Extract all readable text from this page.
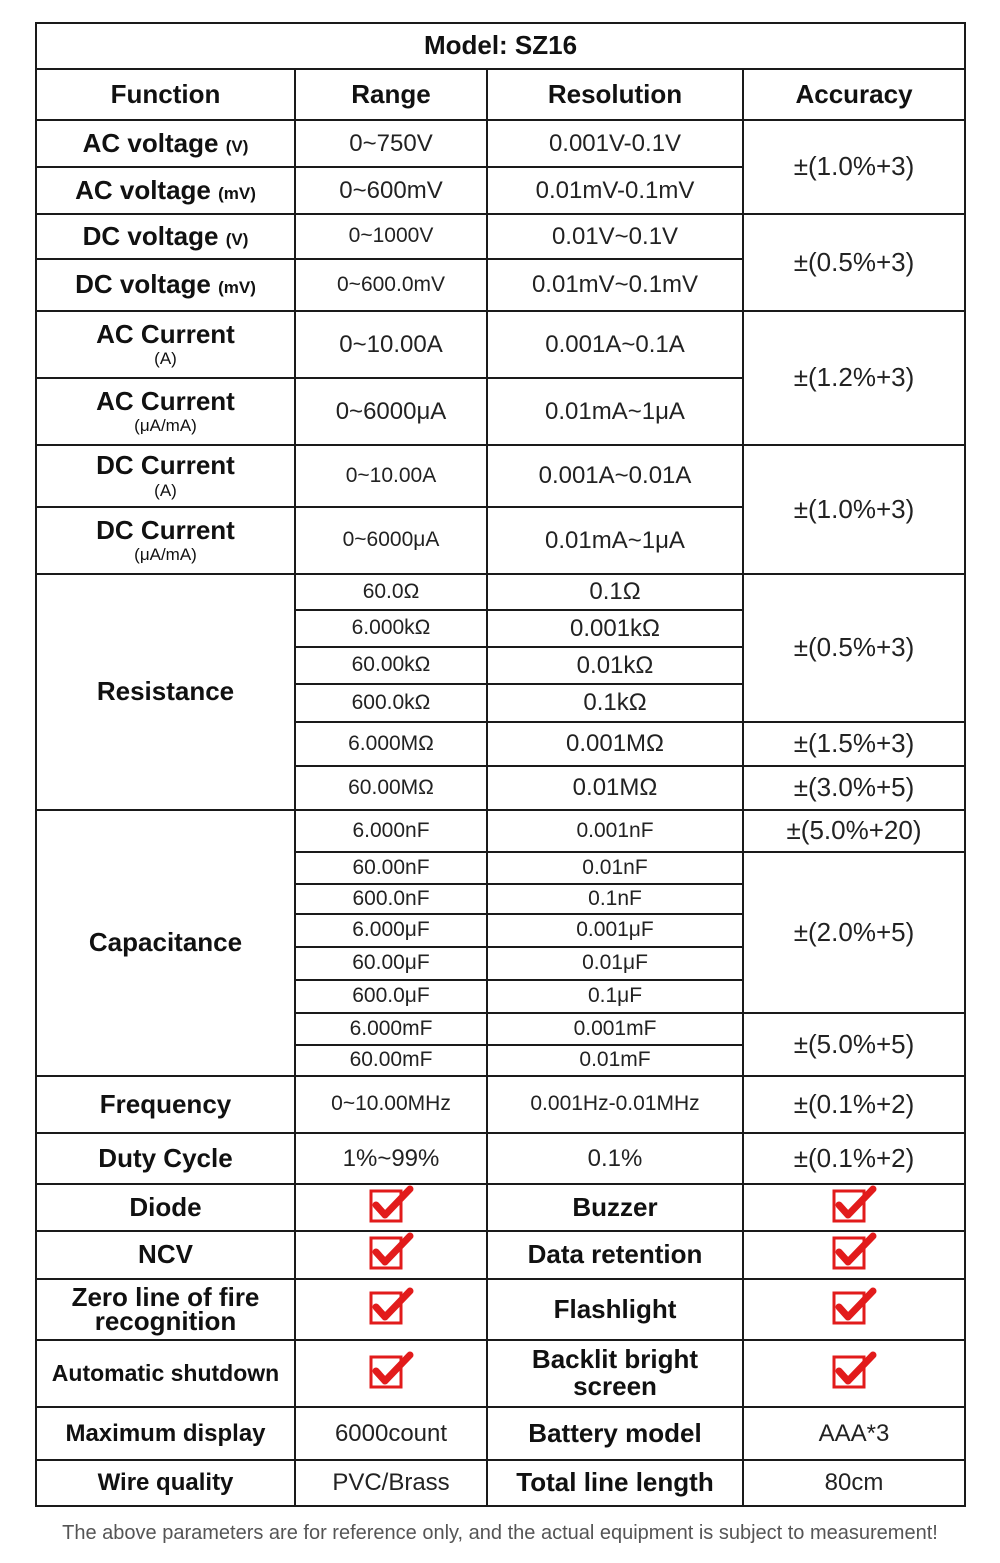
Model: SZ16			
Function	Range	Resolution	Accuracy
AC voltage (V)	0~750V	0.001V-0.1V	±(1.0%+3)
AC voltage (mV)	0~600mV	0.01mV-0.1mV	
DC voltage (V)	0~1000V	0.01V~0.1V	±(0.5%+3)
DC voltage (mV)	0~600.0mV	0.01mV~0.1mV	
AC Current
(A)	0~10.00A	0.001A~0.1A	±(1.2%+3)
AC Current
(μA/mA)	0~6000μA	0.01mA~1μA	
DC Current
(A)	0~10.00A	0.001A~0.01A	±(1.0%+3)
DC Current
(μA/mA)	0~6000μA	0.01mA~1μA	
Resistance	60.0Ω	0.1Ω	±(0.5%+3)
	6.000kΩ	0.001kΩ	
	60.00kΩ	0.01kΩ	
	600.0kΩ	0.1kΩ	
	6.000MΩ	0.001MΩ	±(1.5%+3)
	60.00MΩ	0.01MΩ	±(3.0%+5)
Capacitance	6.000nF	0.001nF	±(5.0%+20)
	60.00nF	0.01nF	±(2.0%+5)
	600.0nF	0.1nF	
	6.000μF	0.001μF	
	60.00μF	0.01μF	
	600.0μF	0.1μF	
	6.000mF	0.001mF	±(5.0%+5)
	60.00mF	0.01mF	
Frequency	0~10.00MHz	0.001Hz-0.01MHz	±(0.1%+2)
Duty Cycle	1%~99%	0.1%	±(0.1%+2)
Diode		Buzzer	
NCV		Data retention	
Zero line of fire recognition		Flashlight	
Automatic shutdown		Backlit bright screen	
Maximum display	6000count	Battery model	AAA*3
Wire quality	PVC/Brass	Total line length	80cm
The above parameters are for reference only, and the actual equipment is subject to measurement!
